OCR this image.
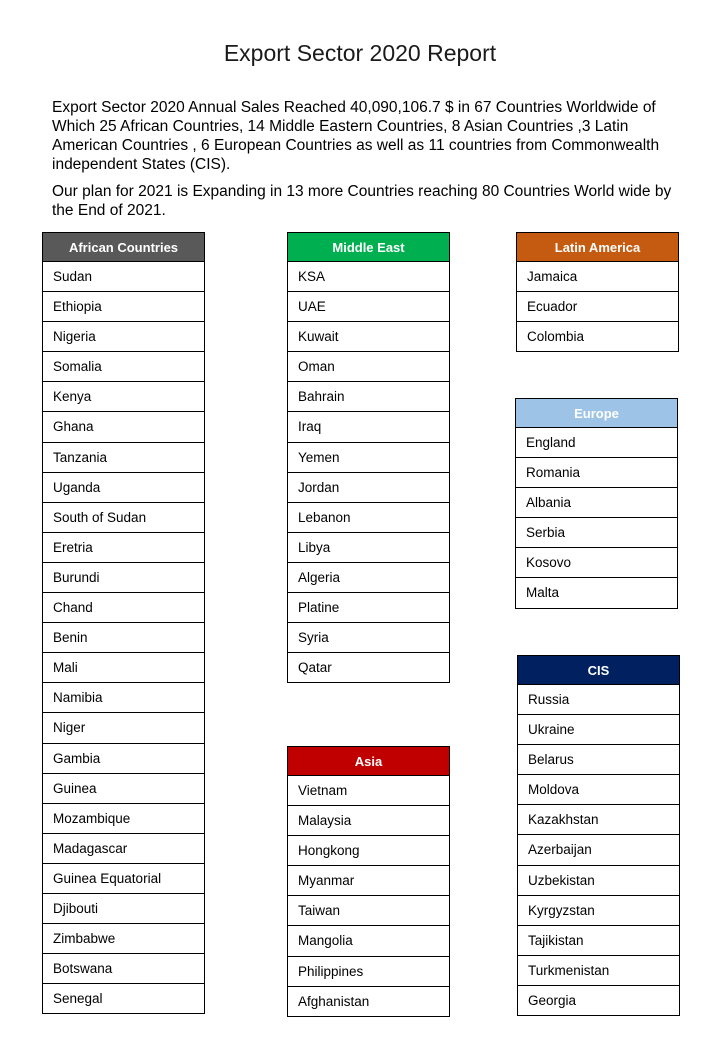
Export Sector 2020 Report

Export Sector 2020 Annual Sales Reached 40,090,106.7 $ in 67 Countries Worldwide of Which 25 African Countries, 14 Middle Eastern Countries, 8 Asian Countries ,3 Latin American Countries , 6 European Countries as well as 11 countries from Commonwealth independent States (CIS).

Our plan for 2021 is Expanding in 13 more Countries reaching 80 Countries World wide by the End of 2021.

African Countries
Sudan
Ethiopia
Nigeria
Somalia
Kenya
Ghana
Tanzania
Uganda
South of Sudan
Eretria
Burundi
Chand
Benin
Mali
Namibia
Niger
Gambia
Guinea
Mozambique
Madagascar
Guinea Equatorial
Djibouti
Zimbabwe
Botswana
Senegal
Middle East
KSA
UAE
Kuwait
Oman
Bahrain
Iraq
Yemen
Jordan
Lebanon
Libya
Algeria
Platine
Syria
Qatar
Latin America
Jamaica
Ecuador
Colombia
Europe
England
Romania
Albania
Serbia
Kosovo
Malta
Asia
Vietnam
Malaysia
Hongkong
Myanmar
Taiwan
Mangolia
Philippines
Afghanistan
CIS
Russia
Ukraine
Belarus
Moldova
Kazakhstan
Azerbaijan
Uzbekistan
Kyrgyzstan
Tajikistan
Turkmenistan
Georgia
